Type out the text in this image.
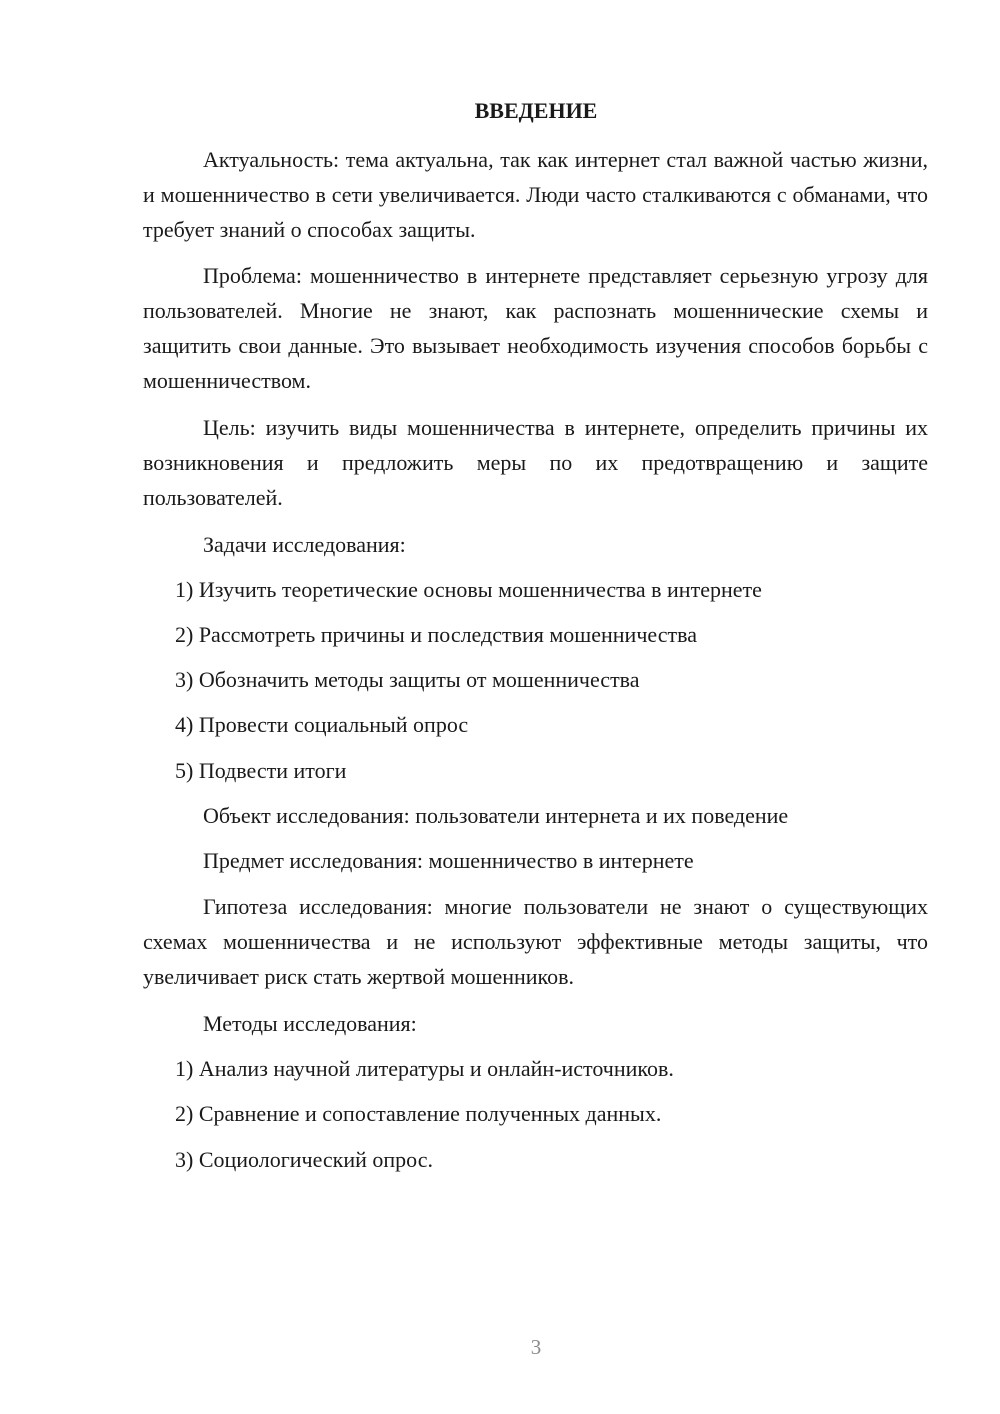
ВВЕДЕНИЕ

Актуальность: тема актуальна, так как интернет стал важной частью жизни, и мошенничество в сети увеличивается. Люди часто сталкиваются с обманами, что требует знаний о способах защиты.

Проблема: мошенничество в интернете представляет серьезную угрозу для пользователей. Многие не знают, как распознать мошеннические схемы и защитить свои данные. Это вызывает необходимость изучения способов борьбы с мошенничеством.

Цель: изучить виды мошенничества в интернете, определить причины их возникновения и предложить меры по их предотвращению и защите пользователей.

Задачи исследования:
1) Изучить теоретические основы мошенничества в интернете
2) Рассмотреть причины и последствия мошенничества
3) Обозначить методы защиты от мошенничества
4) Провести социальный опрос
5) Подвести итоги
Объект исследования: пользователи интернета и их поведение
Предмет исследования: мошенничество в интернете

Гипотеза исследования: многие пользователи не знают о существующих схемах мошенничества и не используют эффективные методы защиты, что увеличивает риск стать жертвой мошенников.

Методы исследования:
1) Анализ научной литературы и онлайн-источников.
2) Сравнение и сопоставление полученных данных.
3) Социологический опрос.
3
